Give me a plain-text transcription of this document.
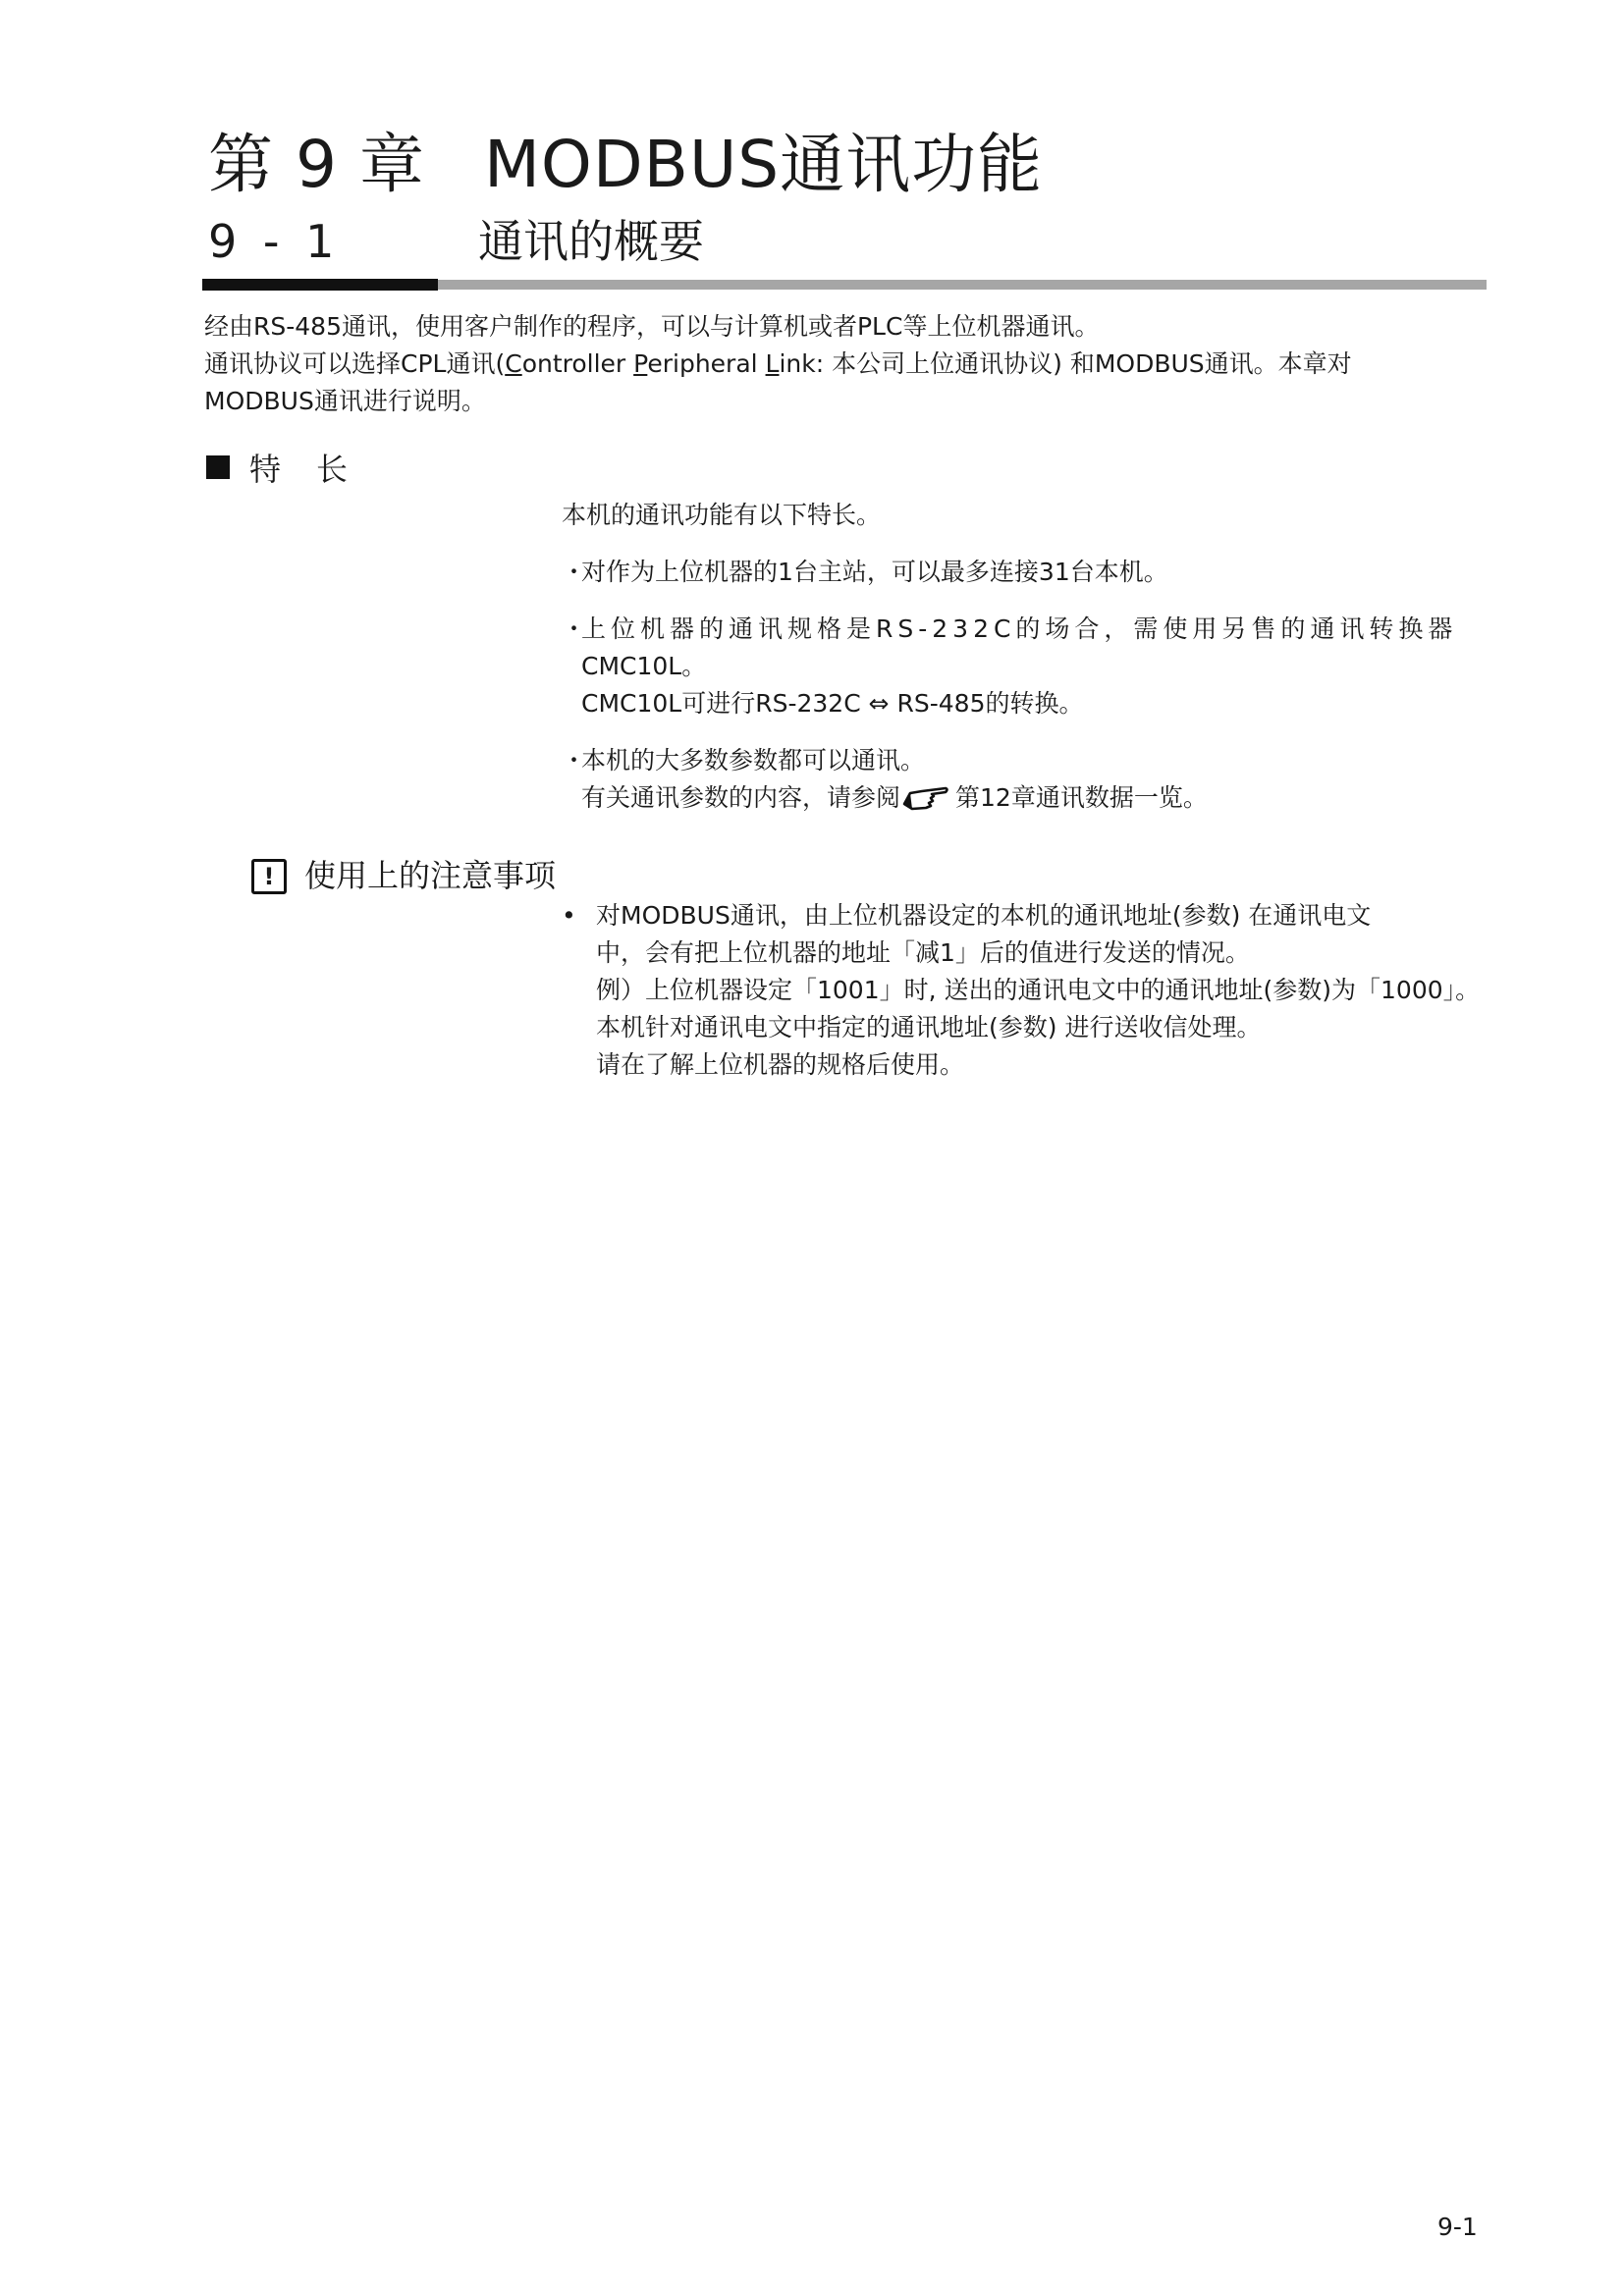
第 9 章 MODBUS通讯功能
9 - 1	通讯的概要

经由RS-485通讯，使用客户制作的程序，可以与计算机或者PLC等上位机器通讯。

通讯协议可以选择CPL通讯(Controller Peripheral Link: 本公司上位通讯协议) 和MODBUS通讯。本章对

MODBUS通讯进行说明。

特长

本机的通讯功能有以下特长。

・

对作为上位机器的1台主站，可以最多连接31台本机。

・

上位机器的通讯规格是RS-232C的场合，需使用另售的通讯转换器

CMC10L。

CMC10L可进行RS-232C ⇔ RS-485的转换。

・

本机的大多数参数都可以通讯。

有关通讯参数的内容，请参阅 第12章通讯数据一览。

! 使用上的注意事项
• 对MODBUS通讯，由上位机器设定的本机的通讯地址(参数) 在通讯电文

中，会有把上位机器的地址「减1」后的值进行发送的情况。

例）上位机器设定「1001」时, 送出的通讯电文中的通讯地址(参数)为「1000」。

本机针对通讯电文中指定的通讯地址(参数) 进行送收信处理。

请在了解上位机器的规格后使用。

9-1
